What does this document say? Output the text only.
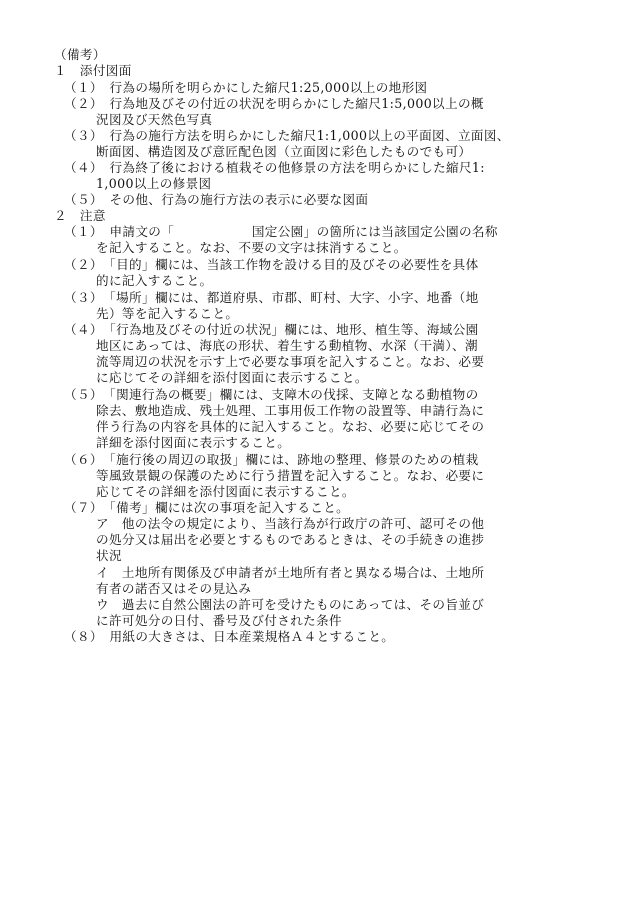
（備考）
１　添付図面
（１）　行為の場所を明らかにした縮尺1:25,000以上の地形図
（２）　行為地及びその付近の状況を明らかにした縮尺1:5,000以上の概
況図及び天然色写真
（３）　行為の施行方法を明らかにした縮尺1:1,000以上の平面図、立面図、
断面図、構造図及び意匠配色図（立面図に彩色したものでも可）
（４）　行為終了後における植栽その他修景の方法を明らかにした縮尺1:
1,000以上の修景図
（５）　その他、行為の施行方法の表示に必要な図面
２　注意
（１）　申請文の「　　　　　　国定公園」の箇所には当該国定公園の名称
を記入すること。なお、不要の文字は抹消すること。
（２）　「目的」欄には、当該工作物を設ける目的及びその必要性を具体
的に記入すること。
（３）　「場所」欄には、都道府県、市郡、町村、大字、小字、地番（地
先）等を記入すること。
（４）　「行為地及びその付近の状況」欄には、地形、植生等、海域公園
地区にあっては、海底の形状、着生する動植物、水深（干満）、潮
流等周辺の状況を示す上で必要な事項を記入すること。なお、必要
に応じてその詳細を添付図面に表示すること。
（５）　「関連行為の概要」欄には、支障木の伐採、支障となる動植物の
除去、敷地造成、残土処理、工事用仮工作物の設置等、申請行為に
伴う行為の内容を具体的に記入すること。なお、必要に応じてその
詳細を添付図面に表示すること。
（６）　「施行後の周辺の取扱」欄には、跡地の整理、修景のための植栽
等風致景観の保護のために行う措置を記入すること。なお、必要に
応じてその詳細を添付図面に表示すること。
（７）　「備考」欄には次の事項を記入すること。
ア　他の法令の規定により、当該行為が行政庁の許可、認可その他
の処分又は届出を必要とするものであるときは、その手続きの進捗
状況
イ　土地所有関係及び申請者が土地所有者と異なる場合は、土地所
有者の諾否又はその見込み
ウ　過去に自然公園法の許可を受けたものにあっては、その旨並び
に許可処分の日付、番号及び付された条件
（８）　用紙の大きさは、日本産業規格Ａ４とすること。
